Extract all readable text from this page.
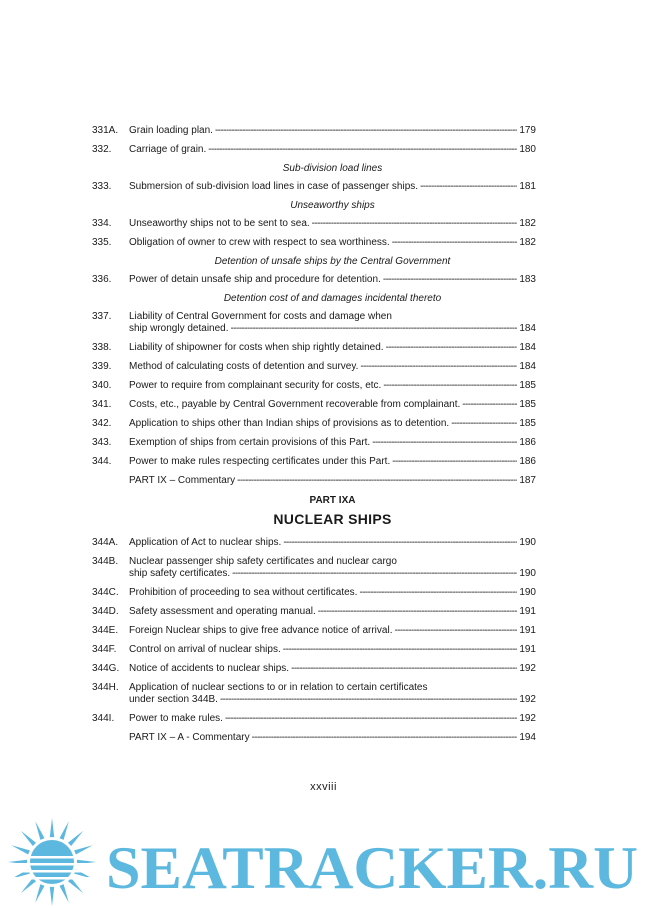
331A.	Grain loading plan. -----	179
332.	Carriage of grain. -----	180
Sub-division load lines
333.	Submersion of sub-division load lines in case of passenger ships. -----	181
Unseaworthy ships
334.	Unseaworthy ships not to be sent to sea. -----	182
335.	Obligation of owner to crew with respect to sea worthiness. -----	182
Detention of unsafe ships by the Central Government
336.	Power of detain unsafe ship and procedure for detention. -----	183
Detention cost of and damages incidental thereto
337.	Liability of Central Government for costs and damage when
ship wrongly detained. -----	184
338.	Liability of shipowner for costs when ship rightly detained. -----	184
339.	Method of calculating costs of detention and survey. -----	184
340.	Power to require from complainant security for costs, etc. -----	185
341.	Costs, etc., payable by Central Government recoverable from complainant. -----	185
342.	Application to ships other than Indian ships of provisions as to detention. -----	185
343.	Exemption of ships from certain provisions of this Part. -----	186
344.	Power to make rules respecting certificates under this Part. -----	186
PART IX – Commentary -----	187
PART IXA
NUCLEAR SHIPS
344A.	Application of Act to nuclear ships. -----	190
344B.	Nuclear passenger ship safety certificates and nuclear cargo
ship safety certificates. -----	190
344C.	Prohibition of proceeding to sea without certificates. -----	190
344D.	Safety assessment and operating manual. -----	191
344E.	Foreign Nuclear ships to give free advance notice of arrival. -----	191
344F.	Control on arrival of nuclear ships. -----	191
344G. Notice of accidents to nuclear ships. -----	192
344H.	Application of nuclear sections to or in relation to certain certificates
under section 344B. -----	192
344I.	Power to make rules. -----	192
PART IX – A - Commentary -----	194
xxviii
SEATRACKER.RU
